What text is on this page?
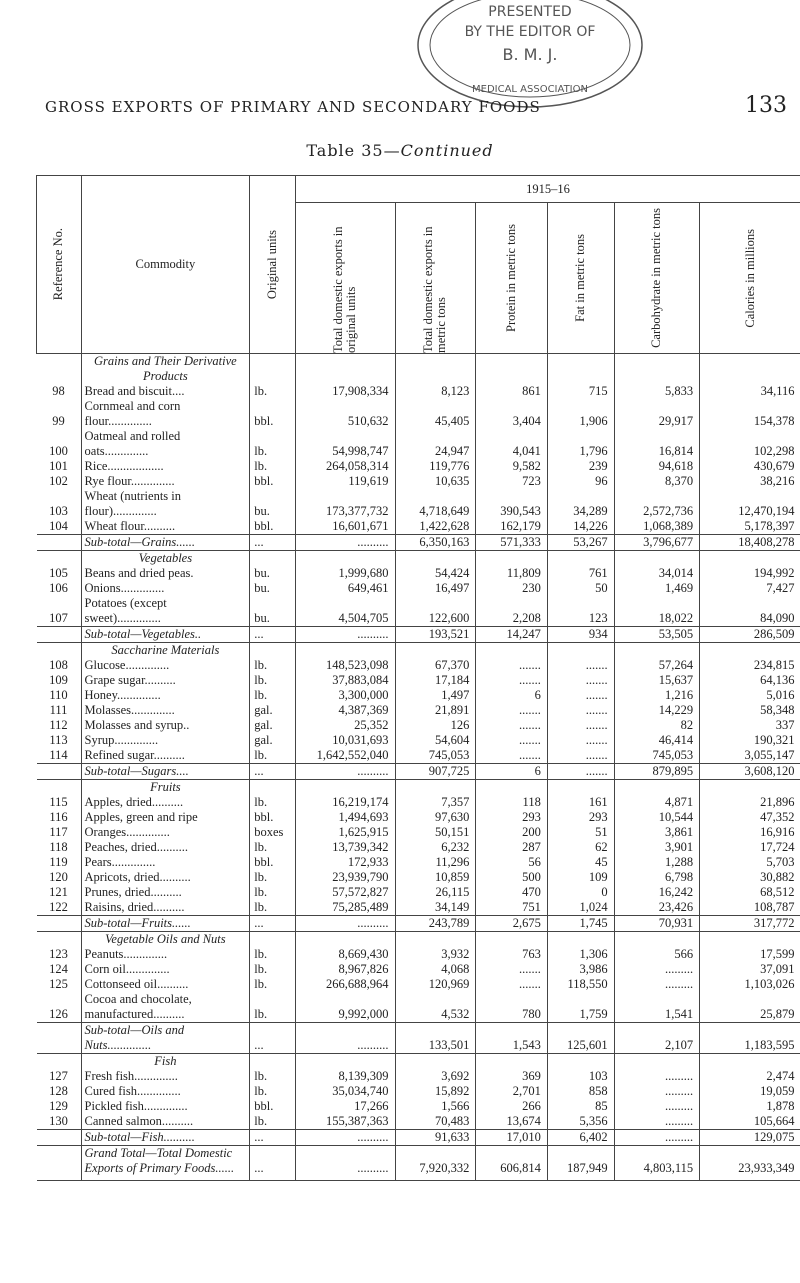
PRESENTED
BY THE EDITOR OF
B. M. J.
MEDICAL ASSOCIATION
GROSS EXPORTS OF PRIMARY AND SECONDARY FOODS	133
Table 35—Continued
Reference No.	Commodity	Original units	1915–16					

			Total domestic exports in original units	Total domestic exports in metric tons	Protein in metric tons	Fat in metric tons	Carbohydrate in metric tons	Calories in millions

	Grains and Their Derivative Products							
98	Bread and biscuit....	lb.	17,908,334	8,123	861	715	5,833	34,116
99	Cornmeal and corn flour..............	bbl.	510,632	45,405	3,404	1,906	29,917	154,378
100	Oatmeal and rolled oats..............	lb.	54,998,747	24,947	4,041	1,796	16,814	102,298
101	Rice..................	lb.	264,058,314	119,776	9,582	239	94,618	430,679
102	Rye flour..............	bbl.	119,619	10,635	723	96	8,370	38,216
103	Wheat (nutrients in flour)..............	bu.	173,377,732	4,718,649	390,543	34,289	2,572,736	12,470,194
104	Wheat flour..........	bbl.	16,601,671	1,422,628	162,179	14,226	1,068,389	5,178,397
	Sub-total—Grains......	...	..........	6,350,163	571,333	53,267	3,796,677	18,408,278
	Vegetables							
105	Beans and dried peas.	bu.	1,999,680	54,424	11,809	761	34,014	194,992
106	Onions..............	bu.	649,461	16,497	230	50	1,469	7,427
107	Potatoes (except sweet)..............	bu.	4,504,705	122,600	2,208	123	18,022	84,090
	Sub-total—Vegetables..	...	..........	193,521	14,247	934	53,505	286,509
	Saccharine Materials							
108	Glucose..............	lb.	148,523,098	67,370	.......	.......	57,264	234,815
109	Grape sugar..........	lb.	37,883,084	17,184	.......	.......	15,637	64,136
110	Honey..............	lb.	3,300,000	1,497	6	.......	1,216	5,016
111	Molasses..............	gal.	4,387,369	21,891	.......	.......	14,229	58,348
112	Molasses and syrup..	gal.	25,352	126	.......	.......	82	337
113	Syrup..............	gal.	10,031,693	54,604	.......	.......	46,414	190,321
114	Refined sugar..........	lb.	1,642,552,040	745,053	.......	.......	745,053	3,055,147
	Sub-total—Sugars....	...	..........	907,725	6	.......	879,895	3,608,120
	Fruits							
115	Apples, dried..........	lb.	16,219,174	7,357	118	161	4,871	21,896
116	Apples, green and ripe	bbl.	1,494,693	97,630	293	293	10,544	47,352
117	Oranges..............	boxes	1,625,915	50,151	200	51	3,861	16,916
118	Peaches, dried..........	lb.	13,739,342	6,232	287	62	3,901	17,724
119	Pears..............	bbl.	172,933	11,296	56	45	1,288	5,703
120	Apricots, dried..........	lb.	23,939,790	10,859	500	109	6,798	30,882
121	Prunes, dried..........	lb.	57,572,827	26,115	470	0	16,242	68,512
122	Raisins, dried..........	lb.	75,285,489	34,149	751	1,024	23,426	108,787
	Sub-total—Fruits......	...	..........	243,789	2,675	1,745	70,931	317,772
	Vegetable Oils and Nuts							
123	Peanuts..............	lb.	8,669,430	3,932	763	1,306	566	17,599
124	Corn oil..............	lb.	8,967,826	4,068	.......	3,986	.........	37,091
125	Cottonseed oil..........	lb.	266,688,964	120,969	.......	118,550	.........	1,103,026
126	Cocoa and chocolate, manufactured..........	lb.	9,992,000	4,532	780	1,759	1,541	25,879
	Sub-total—Oils and Nuts..............	...	..........	133,501	1,543	125,601	2,107	1,183,595
	Fish							
127	Fresh fish..............	lb.	8,139,309	3,692	369	103	.........	2,474
128	Cured fish..............	lb.	35,034,740	15,892	2,701	858	.........	19,059
129	Pickled fish..............	bbl.	17,266	1,566	266	85	.........	1,878
130	Canned salmon..........	lb.	155,387,363	70,483	13,674	5,356	.........	105,664
	Sub-total—Fish..........	...	..........	91,633	17,010	6,402	.........	129,075
	Grand Total—Total Domestic Exports of Primary Foods......	...	..........	7,920,332	606,814	187,949	4,803,115	23,933,349
